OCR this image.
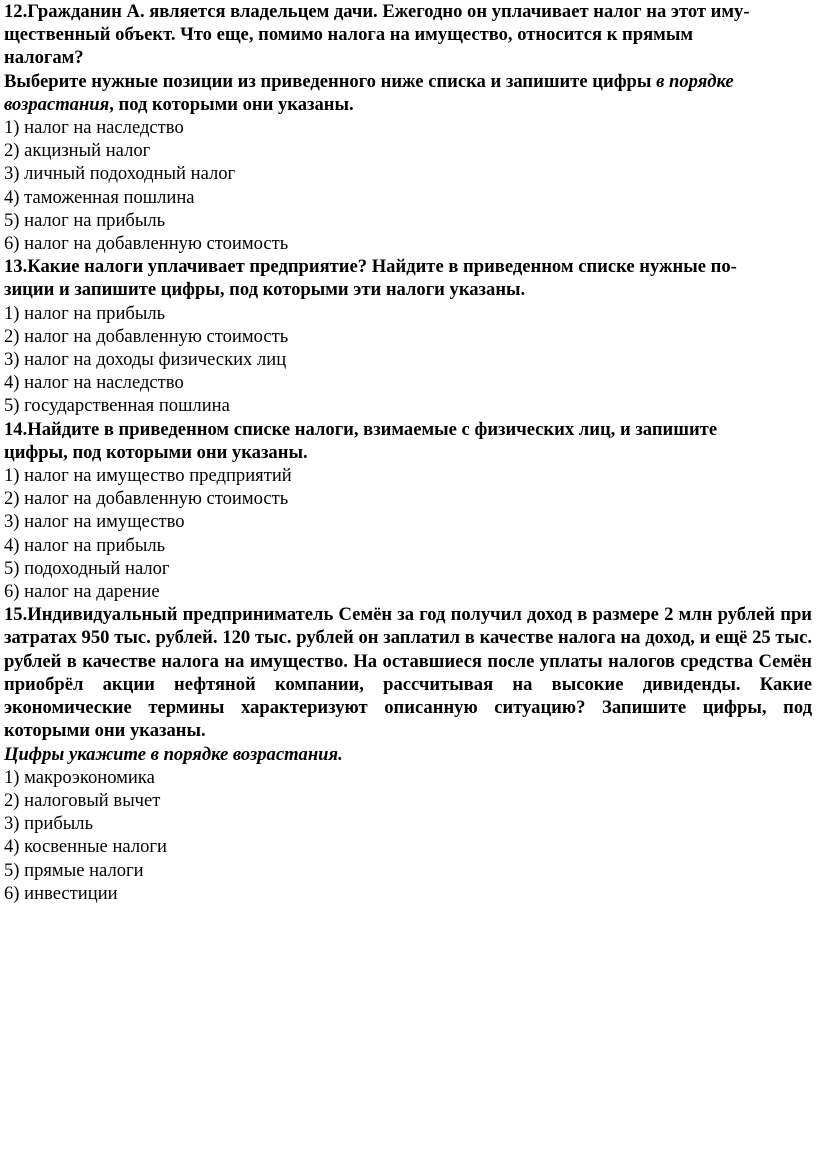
12.Гражданин А. является владельцем дачи. Ежегодно он уплачивает налог на этот иму-
щественный объект. Что еще, помимо налога на имущество, относится к прямым
налогам?
Выберите нужные позиции из приведенного ниже списка и запишите цифры в порядке
возрастания, под которыми они указаны.
1) налог на наследство
2) акцизный налог
3) личный подоходный налог
4) таможенная пошлина
5) налог на прибыль
6) налог на добавленную стоимость
13.Какие налоги уплачивает предприятие? Найдите в приведенном списке нужные по-
зиции и запишите цифры, под которыми эти налоги указаны.
1) налог на прибыль
2) налог на добавленную стоимость
3) налог на доходы физических лиц
4) налог на наследство
5) государственная пошлина
14.Найдите в приведенном списке налоги, взимаемые с физических лиц, и запишите
цифры, под которыми они указаны.
1) налог на имущество предприятий
2) налог на добавленную стоимость
3) налог на имущество
4) налог на прибыль
5) подоходный налог
6) налог на дарение

15.Индивидуальный предприниматель Семён за год получил доход в размере 2 млн рублей при затратах 950 тыс. рублей. 120 тыс. рублей он заплатил в качестве налога на доход, и ещё 25 тыс. рублей в качестве налога на имущество. На оставшиеся после уплаты налогов средства Семён приобрёл акции нефтяной компании, рассчитывая на высокие дивиденды. Какие экономические термины характеризуют описанную ситуацию? Запишите цифры, под которыми они указаны.

Цифры укажите в порядке возрастания.
1) макроэкономика
2) налоговый вычет
3) прибыль
4) косвенные налоги
5) прямые налоги
6) инвестиции
